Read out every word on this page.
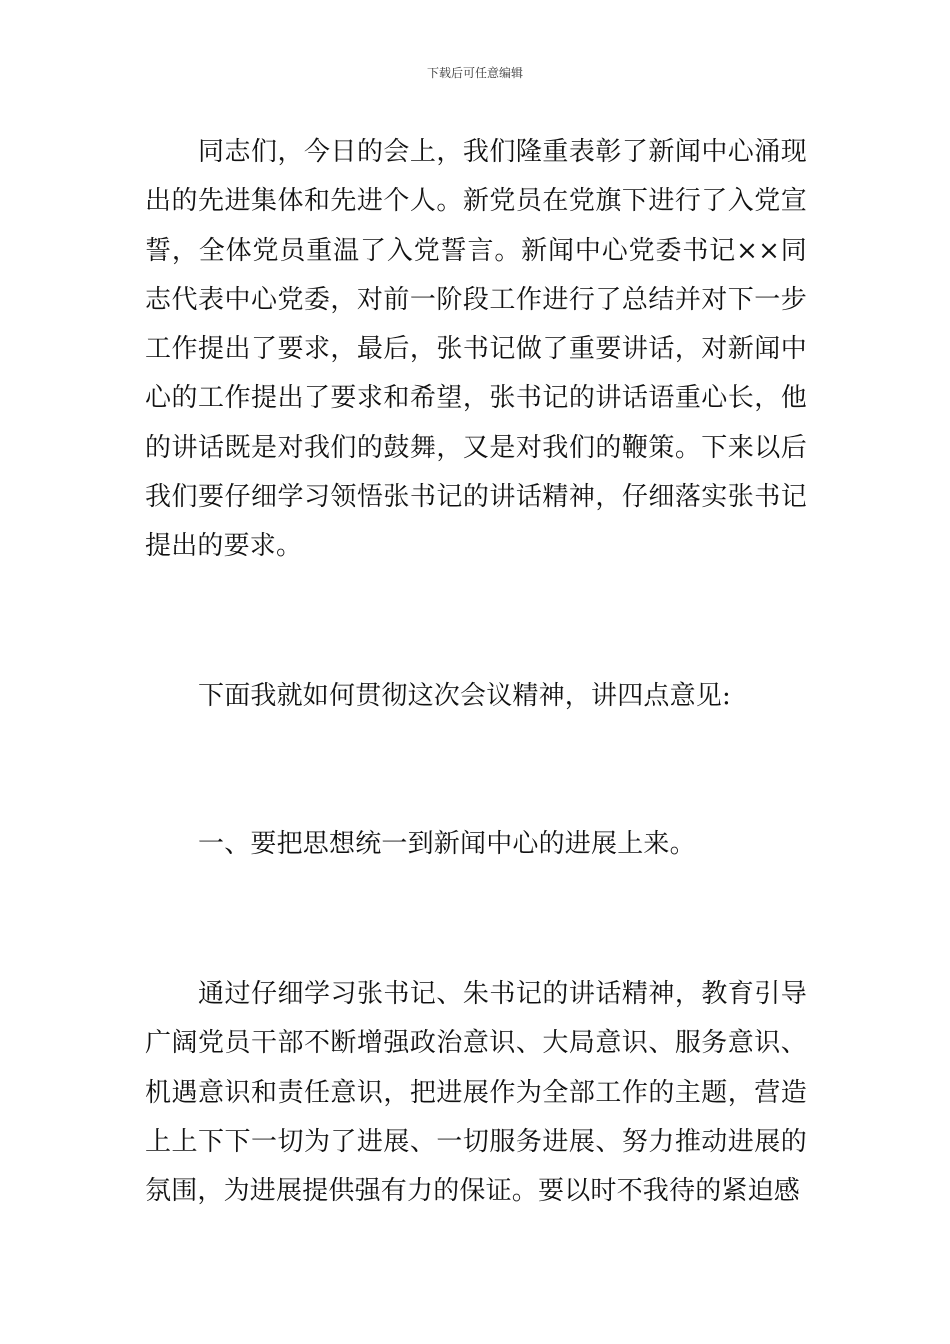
下载后可任意编辑

同志们，今日的会上，我们隆重表彰了新闻中心涌现出的先进集体和先进个人。新党员在党旗下进行了入党宣誓，全体党员重温了入党誓言。新闻中心党委书记××同志代表中心党委，对前一阶段工作进行了总结并对下一步工作提出了要求，最后，张书记做了重要讲话，对新闻中心的工作提出了要求和希望，张书记的讲话语重心长，他的讲话既是对我们的鼓舞，又是对我们的鞭策。下来以后我们要仔细学习领悟张书记的讲话精神，仔细落实张书记提出的要求。

下面我就如何贯彻这次会议精神，讲四点意见:

一、要把思想统一到新闻中心的进展上来。

通过仔细学习张书记、朱书记的讲话精神，教育引导广阔党员干部不断增强政治意识、大局意识、服务意识、机遇意识和责任意识，把进展作为全部工作的主题，营造上上下下一切为了进展、一切服务进展、努力推动进展的氛围，为进展提供强有力的保证。要以时不我待的紧迫感
